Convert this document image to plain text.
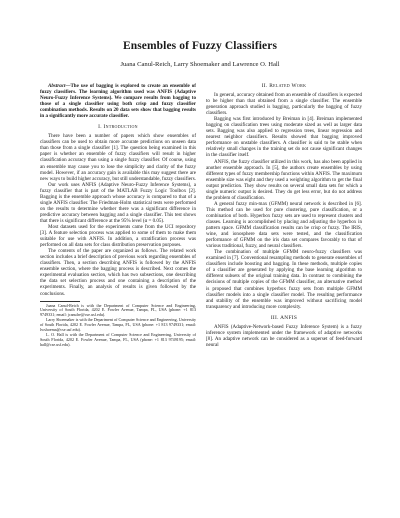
Ensembles of Fuzzy Classifiers
Juana Canul-Reich, Larry Shoemaker and Lawrence O. Hall

Abstract—The use of bagging is explored to create an ensemble of fuzzy classifiers. The learning algorithm used was ANFIS (Adaptive Neuro-Fuzzy Inference Systems). We compare results from bagging to those of a single classifier using both crisp and fuzzy classifier combination methods. Results on 20 data sets show that bagging results in a significantly more accurate classifier.

I. Introduction

There have been a number of papers which show ensembles of classifiers can be used to obtain more accurate predictions on unseen data than those from a single classifier [1]. The question being examined in this paper is whether an ensemble of fuzzy classifiers will result in higher classification accuracy than using a single fuzzy classifier. Of course, using an ensemble may cause you to lose the simplicity and clarity of the fuzzy model. However, if an accuracy gain is available this may suggest there are new ways to build higher accuracy, but still understandable, fuzzy classifiers.

Our work uses ANFIS (Adaptive Neuro-Fuzzy Inference Systems), a fuzzy classifier that is part of the MATLAB Fuzzy Logic Toolbox [2]. Bagging is the ensemble approach whose accuracy is compared to that of a single ANFIS classifier. The Friedman-Holm statistical tests were performed on the results to determine whether there was a significant difference in predictive accuracy between bagging and a single classifier. This test shows that there is significant difference at the 95% level (α = 0.05).

Most datasets used for the experiments came from the UCI repository [3]. A feature selection process was applied to some of them to make them suitable for use with ANFIS. In addition, a stratification process was performed on all data sets for class distribution preservation purposes.

The contents of the paper are organized as follows. The related work section includes a brief description of previous work regarding ensembles of classifiers. Then, a section describing ANFIS is followed by the ANFIS ensemble section, where the bagging process is described. Next comes the experimental evaluation section, which has two subsections, one describing the data set selection process and one containing a description of the experiments. Finally, an analysis of results is given followed by the conclusions.

Juana Canul-Reich is with the Department of Computer Science and Engineering, University of South Florida, 4202 E. Fowler Avenue, Tampa, FL, USA (phone: +1 813 9749331; email: jcanulre@cse.usf.edu).

Larry Shoemaker is with the Department of Computer Science and Engineering, University of South Florida, 4202 E. Fowler Avenue, Tampa, FL, USA (phone: +1 813 9749331; email: lwshoema@cse.usf.edu).

L. O. Hall is with the Department of Computer Science and Engineering, University of South Florida, 4202 E. Fowler Avenue, Tampa, FL, USA (phone: +1 813 9749195; email: hall@cse.usf.edu).

II. Related Work

In general, accuracy obtained from an ensemble of classifiers is expected to be higher than that obtained from a single classifier. The ensemble generation approach studied is bagging, particularly the bagging of fuzzy classifiers.

Bagging was first introduced by Breiman in [4]. Breiman implemented bagging on classification trees using moderate sized as well as larger data sets. Bagging was also applied to regression trees, linear regression and nearest neighbor classifiers. Results showed that bagging improved performance on unstable classifiers. A classifier is said to be stable when relatively small changes in the training set do not cause significant changes in the classifier itself.

ANFIS, the fuzzy classifier utilized in this work, has also been applied in another ensemble approach. In [5], the authors create ensembles by using different types of fuzzy membership functions within ANFIS. The maximum ensemble size was eight and they used a weighting algorithm to get the final output prediction. They show results on several small data sets for which a single numeric output is desired. They do get less error, but do not address the problem of classification.

A general fuzzy min-max (GFMM) neural network is described in [6]. This method can be used for pure clustering, pure classification, or a combination of both. Hyperbox fuzzy sets are used to represent clusters and classes. Learning is accomplished by placing and adjusting the hyperbox in pattern space. GFMM classification results can be crisp or fuzzy. The IRIS, wine, and ionosphere data sets were tested, and the classification performance of GFMM on the iris data set compares favorably to that of various traditional, fuzzy, and neural classifiers.

The combination of multiple GFMM neuro-fuzzy classifiers was examined in [7]. Conventional resampling methods to generate ensembles of classifiers include boosting and bagging. In these methods, multiple copies of a classifier are generated by applying the base learning algorithm to different subsets of the original training data. In contrast to combining the decisions of multiple copies of the GFMM classifier, an alternative method is proposed that combines hyperbox fuzzy sets from multiple GFMM classifier models into a single classifier model. The resulting performance and stability of the ensemble was improved without sacrificing model transparency and introducing more complexity.

III. ANFIS

ANFIS (Adaptive-Network-based Fuzzy Inference System) is a fuzzy inference system implemented under the framework of adaptive networks [8]. An adaptive network can be considered as a superset of feed-forward neural
